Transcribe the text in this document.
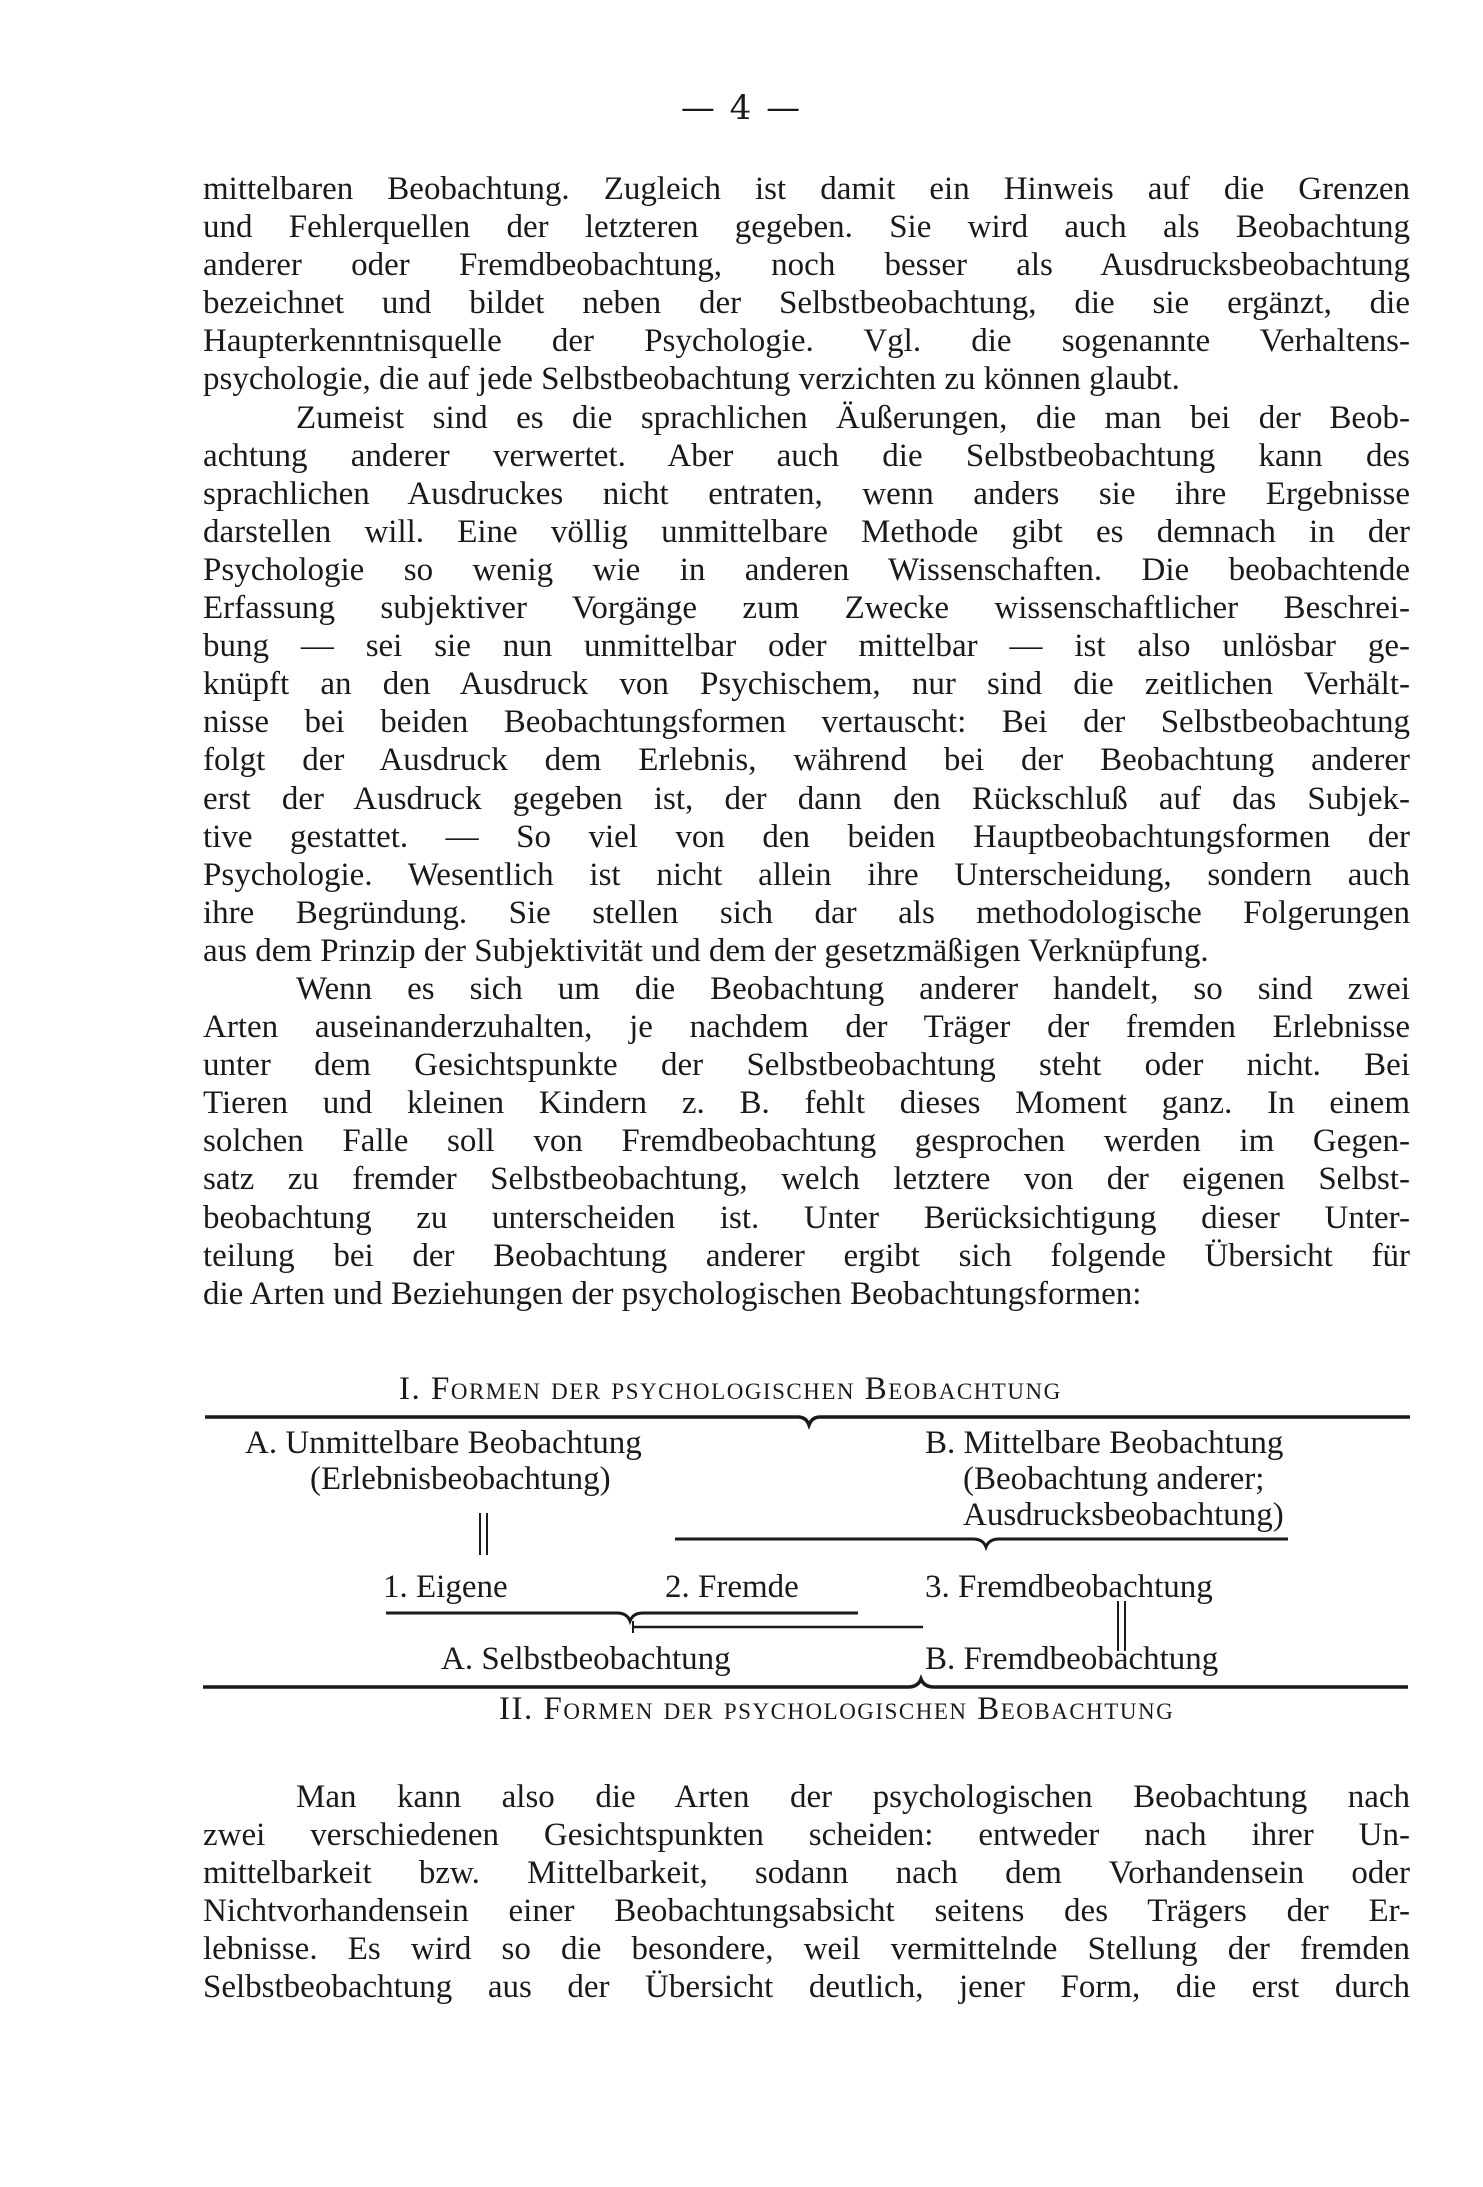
— 4 —
mittelbaren Beobachtung. Zugleich ist damit ein Hinweis auf die Grenzen
und Fehlerquellen der letzteren gegeben. Sie wird auch als Beobachtung
anderer oder Fremdbeobachtung, noch besser als Ausdrucksbeobachtung
bezeichnet und bildet neben der Selbstbeobachtung, die sie ergänzt, die
Haupterkenntnisquelle der Psychologie. Vgl. die sogenannte Verhaltens-
psychologie, die auf jede Selbstbeobachtung verzichten zu können glaubt.
Zumeist sind es die sprachlichen Äußerungen, die man bei der Beob-
achtung anderer verwertet. Aber auch die Selbstbeobachtung kann des
sprachlichen Ausdruckes nicht entraten, wenn anders sie ihre Ergebnisse
darstellen will. Eine völlig unmittelbare Methode gibt es demnach in der
Psychologie so wenig wie in anderen Wissenschaften. Die beobachtende
Erfassung subjektiver Vorgänge zum Zwecke wissenschaftlicher Beschrei-
bung — sei sie nun unmittelbar oder mittelbar — ist also unlösbar ge-
knüpft an den Ausdruck von Psychischem, nur sind die zeitlichen Verhält-
nisse bei beiden Beobachtungsformen vertauscht: Bei der Selbstbeobachtung
folgt der Ausdruck dem Erlebnis, während bei der Beobachtung anderer
erst der Ausdruck gegeben ist, der dann den Rückschluß auf das Subjek-
tive gestattet. — So viel von den beiden Hauptbeobachtungsformen der
Psychologie. Wesentlich ist nicht allein ihre Unterscheidung, sondern auch
ihre Begründung. Sie stellen sich dar als methodologische Folgerungen
aus dem Prinzip der Subjektivität und dem der gesetzmäßigen Verknüpfung.
Wenn es sich um die Beobachtung anderer handelt, so sind zwei
Arten auseinanderzuhalten, je nachdem der Träger der fremden Erlebnisse
unter dem Gesichtspunkte der Selbstbeobachtung steht oder nicht. Bei
Tieren und kleinen Kindern z. B. fehlt dieses Moment ganz. In einem
solchen Falle soll von Fremdbeobachtung gesprochen werden im Gegen-
satz zu fremder Selbstbeobachtung, welch letztere von der eigenen Selbst-
beobachtung zu unterscheiden ist. Unter Berücksichtigung dieser Unter-
teilung bei der Beobachtung anderer ergibt sich folgende Übersicht für
die Arten und Beziehungen der psychologischen Beobachtungsformen:
I. Formen der psychologischen Beobachtung
A. Unmittelbare Beobachtung
(Erlebnisbeobachtung)
B. Mittelbare Beobachtung
(Beobachtung anderer;
Ausdrucksbeobachtung)
1. Eigene	2. Fremde	3. Fremdbeobachtung
A. Selbstbeobachtung	B. Fremdbeobachtung
II. Formen der psychologischen Beobachtung
Man kann also die Arten der psychologischen Beobachtung nach
zwei verschiedenen Gesichtspunkten scheiden: entweder nach ihrer Un-
mittelbarkeit bzw. Mittelbarkeit, sodann nach dem Vorhandensein oder
Nichtvorhandensein einer Beobachtungsabsicht seitens des Trägers der Er-
lebnisse. Es wird so die besondere, weil vermittelnde Stellung der fremden
Selbstbeobachtung aus der Übersicht deutlich, jener Form, die erst durch
